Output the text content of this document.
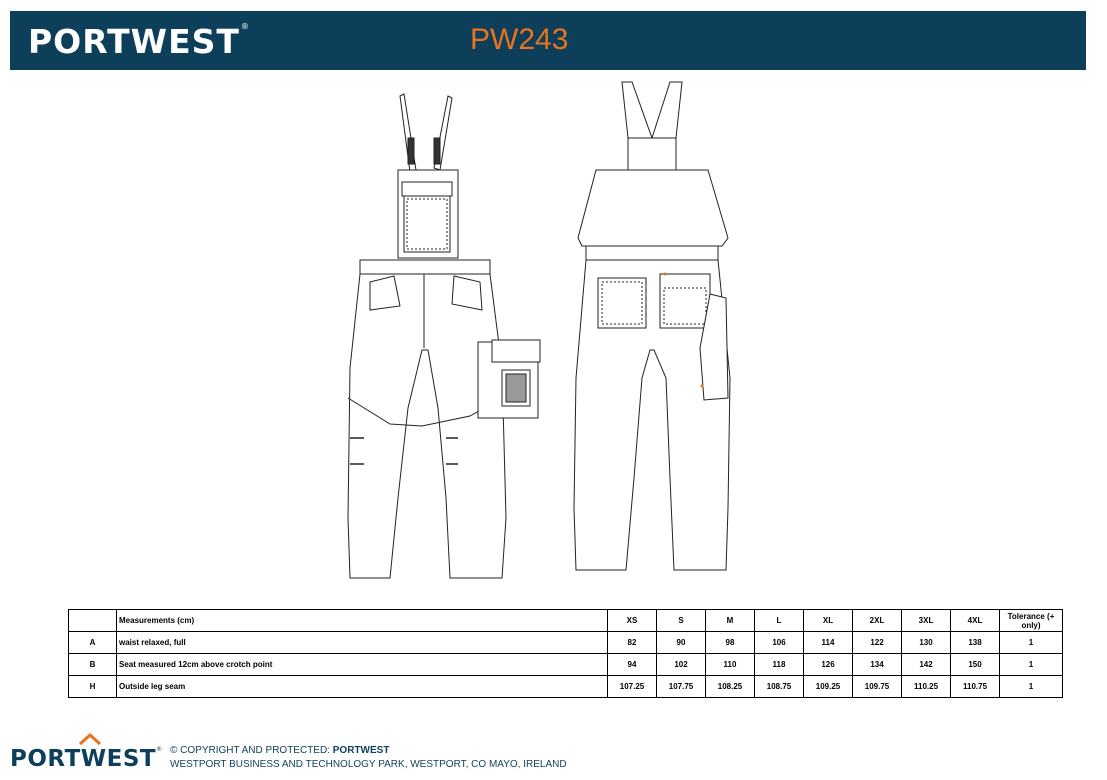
PORTWEST®	PW243
	Measurements (cm)	XS	S	M	L	XL	2XL	3XL	4XL	Tolerance (+ only)
A	waist relaxed, full	82	90	98	106	114	122	130	138	1
B	Seat measured 12cm above crotch point	94	102	110	118	126	134	142	150	1
H	Outside leg seam	107.25	107.75	108.25	108.75	109.25	109.75	110.25	110.75	1
PORTWEST® © COPYRIGHT AND PROTECTED: PORTWEST
WESTPORT BUSINESS AND TECHNOLOGY PARK, WESTPORT, CO MAYO, IRELAND
